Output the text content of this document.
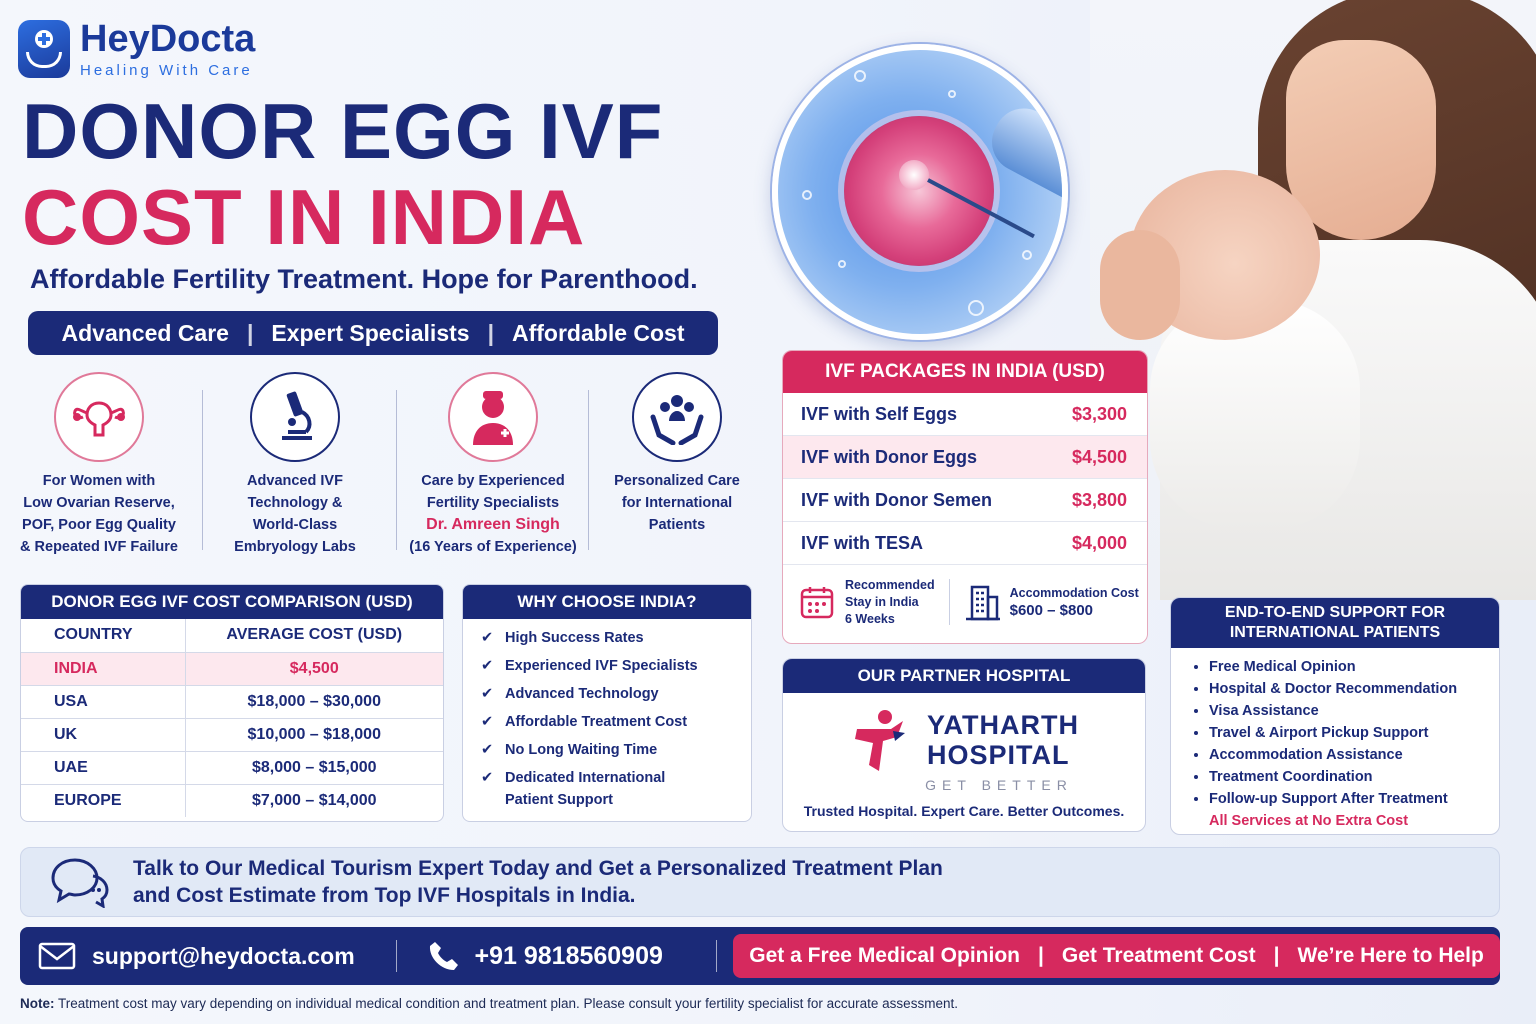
HeyDocta
Healing With Care
DONOR EGG IVF
COST IN INDIA
Affordable Fertility Treatment. Hope for Parenthood.
Advanced Care | Expert Specialists | Affordable Cost
For Women with
Low Ovarian Reserve,
POF, Poor Egg Quality
& Repeated IVF Failure
Advanced IVF
Technology &
World-Class
Embryology Labs
Care by Experienced
Fertility Specialists
Dr. Amreen Singh
(16 Years of Experience)
Personalized Care
for International
Patients
DONOR EGG IVF COST COMPARISON (USD)
COUNTRY	AVERAGE COST (USD)
INDIA	$4,500
USA	$18,000 – $30,000
UK	$10,000 – $18,000
UAE	$8,000 – $15,000
EUROPE	$7,000 – $14,000
WHY CHOOSE INDIA?
✔ High Success Rates
✔ Experienced IVF Specialists
✔ Advanced Technology
✔ Affordable Treatment Cost
✔ No Long Waiting Time
✔ Dedicated International Patient Support
IVF PACKAGES IN INDIA (USD)
IVF with Self Eggs	$3,300
IVF with Donor Eggs	$4,500
IVF with Donor Semen	$3,800
IVF with TESA	$4,000
Recommended
Stay in India
6 Weeks
Accommodation Cost
$600 – $800
OUR PARTNER HOSPITAL
YATHARTH
HOSPITAL
GET BETTER
Trusted Hospital. Expert Care. Better Outcomes.
END-TO-END SUPPORT FOR
INTERNATIONAL PATIENTS
• Free Medical Opinion
• Hospital & Doctor Recommendation
• Visa Assistance
• Travel & Airport Pickup Support
• Accommodation Assistance
• Treatment Coordination
• Follow-up Support After Treatment
All Services at No Extra Cost
Talk to Our Medical Tourism Expert Today and Get a Personalized Treatment Plan
and Cost Estimate from Top IVF Hospitals in India.
support@heydocta.com	+91 9818560909	Get a Free Medical Opinion | Get Treatment Cost | We’re Here to Help
Note: Treatment cost may vary depending on individual medical condition and treatment plan. Please consult your fertility specialist for accurate assessment.
